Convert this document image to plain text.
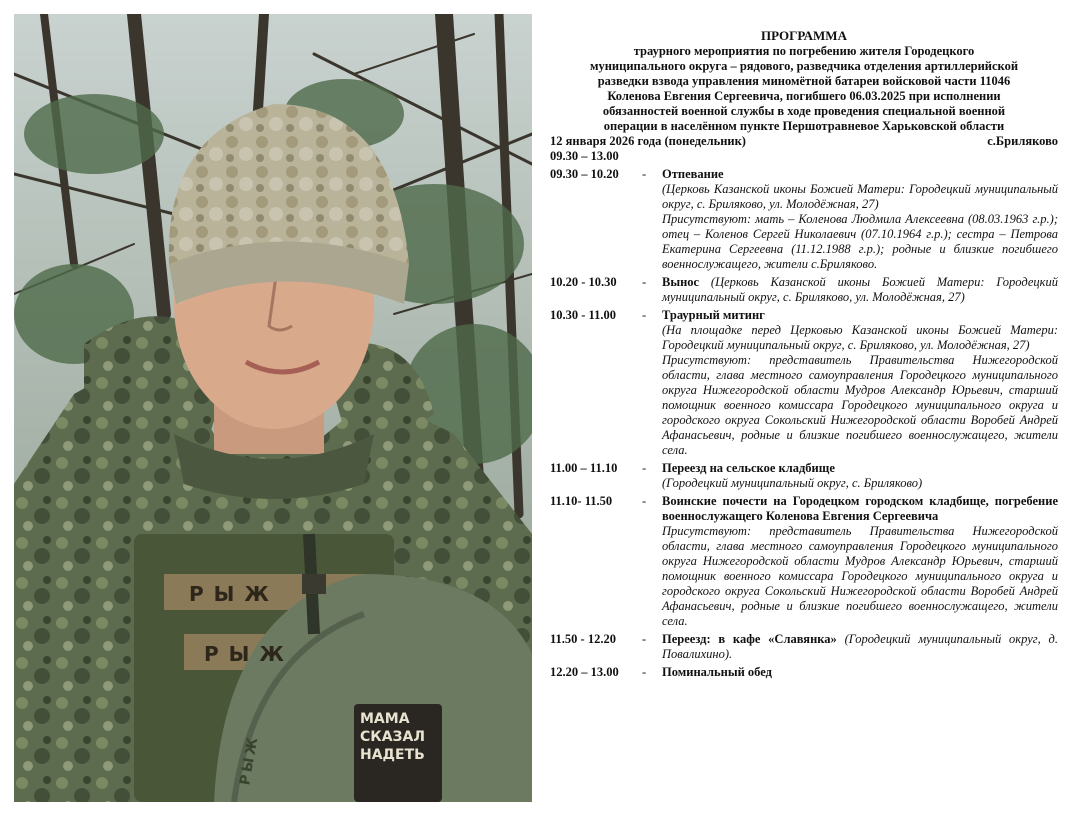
РЫЖ
РЫЖ
РЫЖ
МАМА СКАЗАЛ НАДЕТЬ
ПРОГРАММА
траурного мероприятия по погребению жителя Городецкого
муниципального округа – рядового, разведчика отделения артиллерийской
разведки взвода управления миномётной батареи войсковой части 11046
Коленова Евгения Сергеевича, погибшего 06.03.2025 при исполнении
обязанностей военной службы в ходе проведения специальной военной
операции в населённом пункте Першотравневое Харьковской области
12 января 2026 года (понедельник)	с.Бриляково
09.30 – 13.00
09.30 – 10.20	-	Отпевание
(Церковь Казанской иконы Божией Матери: Городецкий муниципальный округ, с. Бриляково, ул. Молодёжная, 27)
Присутствуют: мать – Коленова Людмила Алексеевна (08.03.1963 г.р.); отец – Коленов Сергей Николаевич (07.10.1964 г.р.); сестра – Петрова Екатерина Сергеевна (11.12.1988 г.р.); родные и близкие погибшего военнослужащего, жители с.Бриляково.
10.20 - 10.30	-	Вынос (Церковь Казанской иконы Божией Матери: Городецкий муниципальный округ, с. Бриляково, ул. Молодёжная, 27)
10.30 - 11.00	-	Траурный митинг
(На площадке перед Церковью Казанской иконы Божией Матери: Городецкий муниципальный округ, с. Бриляково, ул. Молодёжная, 27)
Присутствуют: представитель Правительства Нижегородской области, глава местного самоуправления Городецкого муниципального округа Нижегородской области Мудров Александр Юрьевич, старший помощник военного комиссара Городецкого муниципального округа и городского округа Сокольский Нижегородской области Воробей Андрей Афанасьевич, родные и близкие погибшего военнослужащего, жители села.
11.00 – 11.10	-	Переезд на сельское кладбище
(Городецкий муниципальный округ, с. Бриляково)
11.10- 11.50	-	Воинские почести на Городецком городском кладбище, погребение военнослужащего Коленова Евгения Сергеевича
Присутствуют: представитель Правительства Нижегородской области, глава местного самоуправления Городецкого муниципального округа Нижегородской области Мудров Александр Юрьевич, старший помощник военного комиссара Городецкого муниципального округа и городского округа Сокольский Нижегородской области Воробей Андрей Афанасьевич, родные и близкие погибшего военнослужащего, жители села.
11.50 - 12.20	-	Переезд: в кафе «Славянка» (Городецкий муниципальный округ, д. Повалихино).
12.20 – 13.00	-	Поминальный обед
